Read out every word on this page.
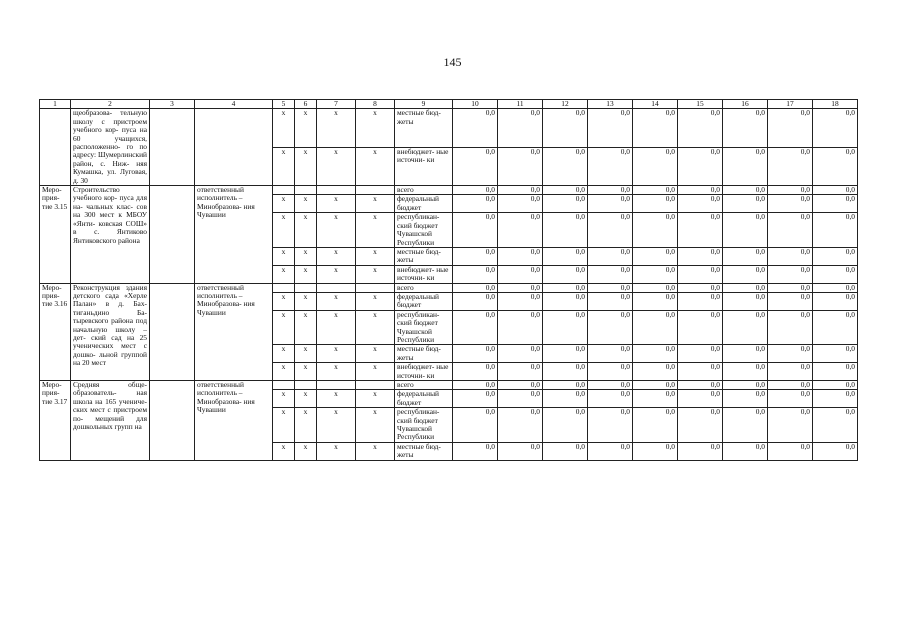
145
1	2	3	4	5	6	7	8	9	10	11	12	13	14	15	16	17	18
	щеобразова- тельную школу с пристроем учебного кор- пуса на 60 учащихся, расположенно- го по адресу: Шумерлинский район, с. Ниж- няя Кумашка, ул. Луговая, д. 30			x	x	x	x	местные бюд- жеты	0,0	0,0	0,0	0,0	0,0	0,0	0,0	0,0	0,0
				x	x	x	x	внебюджет- ные источни- ки	0,0	0,0	0,0	0,0	0,0	0,0	0,0	0,0	0,0
Меро- прия- тие 3.15	Строительство учебного кор- пуса для на- чальных клас- сов на 300 мест к МБОУ «Янти- ковская СОШ» в с. Янтиково Янтиковского района		ответственный исполнитель – Минобразова- ния Чувашии					всего	0,0	0,0	0,0	0,0	0,0	0,0	0,0	0,0	0,0
				x	x	x	x	федеральный бюджет	0,0	0,0	0,0	0,0	0,0	0,0	0,0	0,0	0,0
				x	x	x	x	республикан- ский бюджет Чувашской Республики	0,0	0,0	0,0	0,0	0,0	0,0	0,0	0,0	0,0
				x	x	x	x	местные бюд- жеты	0,0	0,0	0,0	0,0	0,0	0,0	0,0	0,0	0,0
				x	x	x	x	внебюджет- ные источни- ки	0,0	0,0	0,0	0,0	0,0	0,0	0,0	0,0	0,0
Меро- прия- тие 3.16	Реконструкция здания детского сада «Херле Палан» в д. Бах- тиганьдино Ба- тыревского района под начальную школу – дет- ский сад на 25 ученических мест с дошко- льной группой на 20 мест		ответственный исполнитель – Минобразова- ния Чувашии					всего	0,0	0,0	0,0	0,0	0,0	0,0	0,0	0,0	0,0
				x	x	x	x	федеральный бюджет	0,0	0,0	0,0	0,0	0,0	0,0	0,0	0,0	0,0
				x	x	x	x	республикан- ский бюджет Чувашской Республики	0,0	0,0	0,0	0,0	0,0	0,0	0,0	0,0	0,0
				x	x	x	x	местные бюд- жеты	0,0	0,0	0,0	0,0	0,0	0,0	0,0	0,0	0,0
				x	x	x	x	внебюджет- ные источни- ки	0,0	0,0	0,0	0,0	0,0	0,0	0,0	0,0	0,0
Меро- прия- тие 3.17	Средняя обще- образователь- ная школа на 165 учениче- ских мест с пристроем по- мещений для дошкольных групп на		ответственный исполнитель – Минобразова- ния Чувашии					всего	0,0	0,0	0,0	0,0	0,0	0,0	0,0	0,0	0,0
				x	x	x	x	федеральный бюджет	0,0	0,0	0,0	0,0	0,0	0,0	0,0	0,0	0,0
				x	x	x	x	республикан- ский бюджет Чувашской Республики	0,0	0,0	0,0	0,0	0,0	0,0	0,0	0,0	0,0
				x	x	x	x	местные бюд- жеты	0,0	0,0	0,0	0,0	0,0	0,0	0,0	0,0	0,0
